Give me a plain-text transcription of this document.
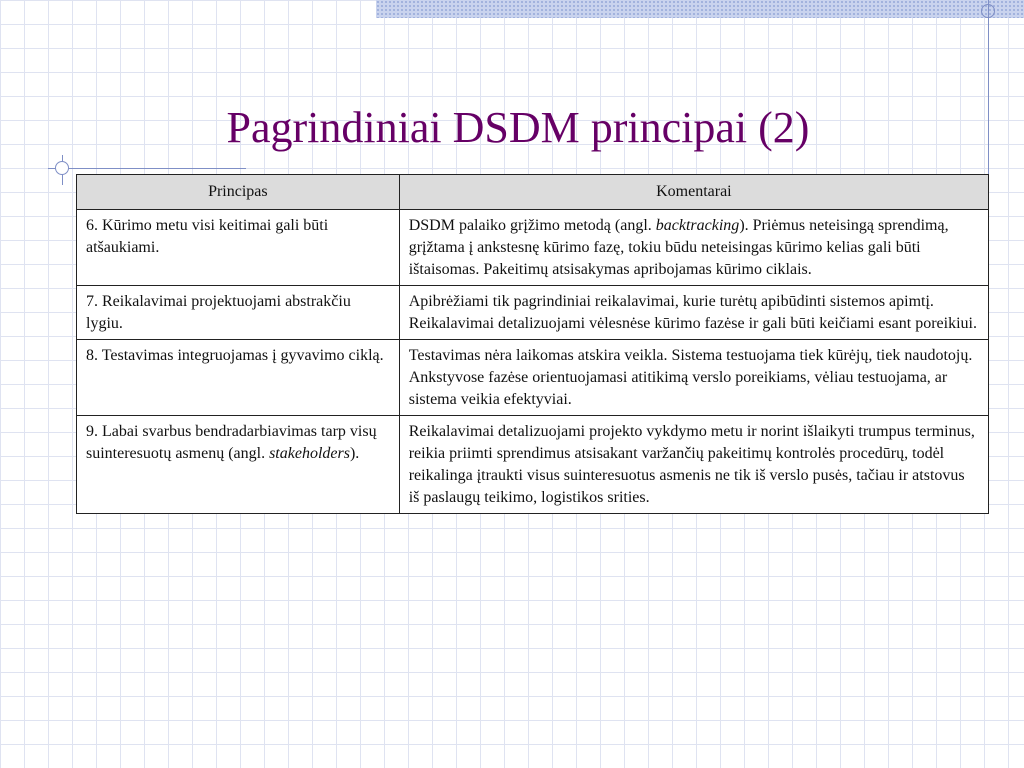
Pagrindiniai DSDM principai (2)
Principas	Komentarai
6. Kūrimo metu visi keitimai gali būti atšaukiami.	DSDM palaiko grįžimo metodą (angl. backtracking). Priėmus neteisingą sprendimą, grįžtama į ankstesnę kūrimo fazę, tokiu būdu neteisingas kūrimo kelias gali būti ištaisomas. Pakeitimų atsisakymas apribojamas kūrimo ciklais.
7. Reikalavimai projektuojami abstrakčiu lygiu.	Apibrėžiami tik pagrindiniai reikalavimai, kurie turėtų apibūdinti sistemos apimtį. Reikalavimai detalizuojami vėlesnėse kūrimo fazėse ir gali būti keičiami esant poreikiui.
8. Testavimas integruojamas į gyvavimo ciklą.	Testavimas nėra laikomas atskira veikla. Sistema testuojama tiek kūrėjų, tiek naudotojų. Ankstyvose fazėse orientuojamasi atitikimą verslo poreikiams, vėliau testuojama, ar sistema veikia efektyviai.
9. Labai svarbus bendradarbiavimas tarp visų suinteresuotų asmenų (angl. stakeholders).	Reikalavimai detalizuojami projekto vykdymo metu ir norint išlaikyti trumpus terminus, reikia priimti sprendimus atsisakant varžančių pakeitimų kontrolės procedūrų, todėl reikalinga įtraukti visus suinteresuotus asmenis ne tik iš verslo pusės, tačiau ir atstovus iš paslaugų teikimo, logistikos srities.
